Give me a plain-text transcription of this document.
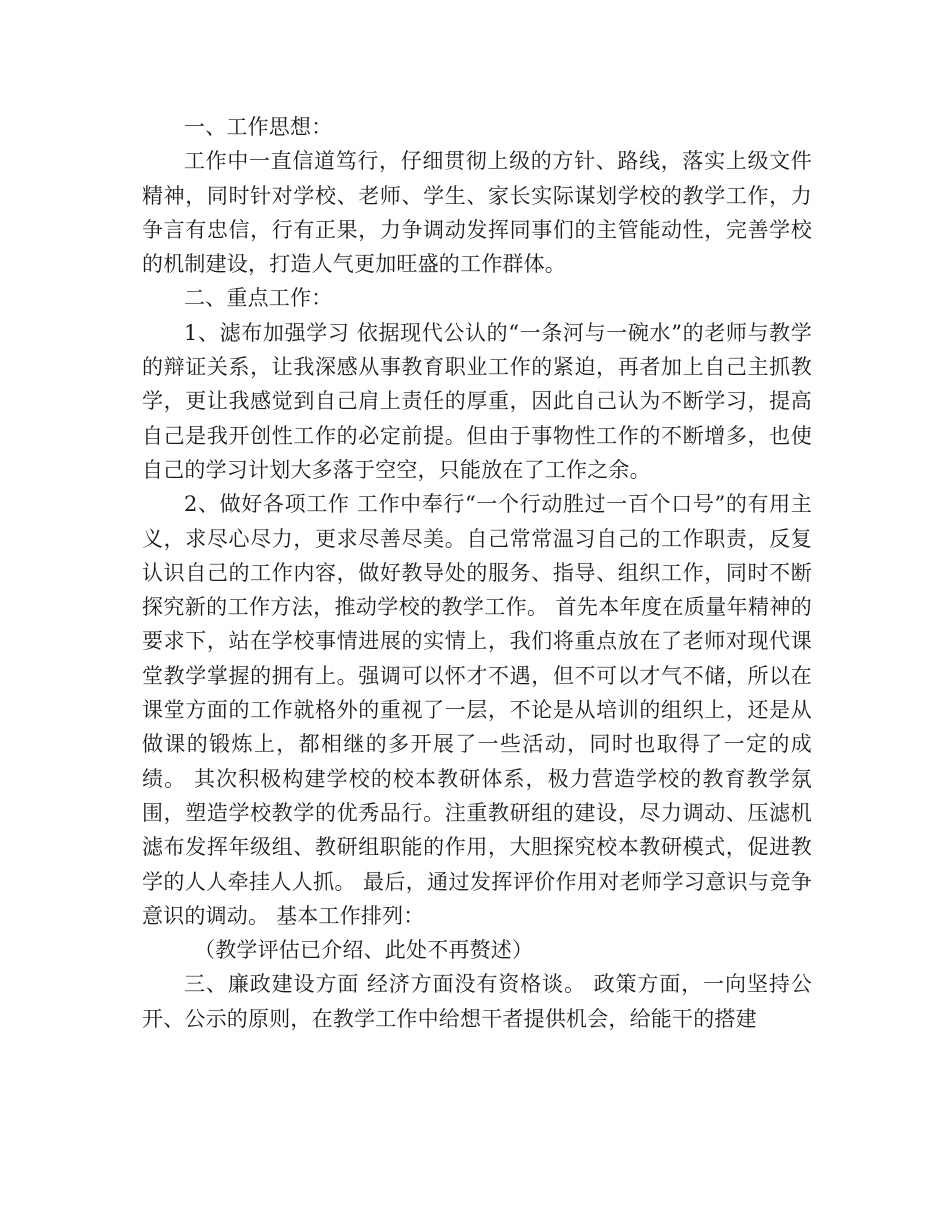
一、工作思想：

工作中一直信道笃行，仔细贯彻上级的方针、路线，落实上级文件精神，同时针对学校、老师、学生、家长实际谋划学校的教学工作，力争言有忠信，行有正果，力争调动发挥同事们的主管能动性，完善学校的机制建设，打造人气更加旺盛的工作群体。

二、重点工作：

1、滤布加强学习 依据现代公认的“一条河与一碗水”的老师与教学的辩证关系，让我深感从事教育职业工作的紧迫，再者加上自己主抓教学，更让我感觉到自己肩上责任的厚重，因此自己认为不断学习，提高自己是我开创性工作的必定前提。但由于事物性工作的不断增多，也使自己的学习计划大多落于空空，只能放在了工作之余。

2、做好各项工作 工作中奉行“一个行动胜过一百个口号”的有用主义，求尽心尽力，更求尽善尽美。自己常常温习自己的工作职责，反复认识自己的工作内容，做好教导处的服务、指导、组织工作，同时不断探究新的工作方法，推动学校的教学工作。 首先本年度在质量年精神的要求下，站在学校事情进展的实情上，我们将重点放在了老师对现代课堂教学掌握的拥有上。强调可以怀才不遇，但不可以才气不储，所以在课堂方面的工作就格外的重视了一层，不论是从培训的组织上，还是从做课的锻炼上，都相继的多开展了一些活动，同时也取得了一定的成绩。 其次积极构建学校的校本教研体系，极力营造学校的教育教学氛围，塑造学校教学的优秀品行。注重教研组的建设，尽力调动、压滤机滤布发挥年级组、教研组职能的作用，大胆探究校本教研模式，促进教学的人人牵挂人人抓。 最后，通过发挥评价作用对老师学习意识与竞争意识的调动。 基本工作排列：

（教学评估已介绍、此处不再赘述）

三、廉政建设方面 经济方面没有资格谈。 政策方面，一向坚持公开、公示的原则，在教学工作中给想干者提供机会，给能干的搭建
